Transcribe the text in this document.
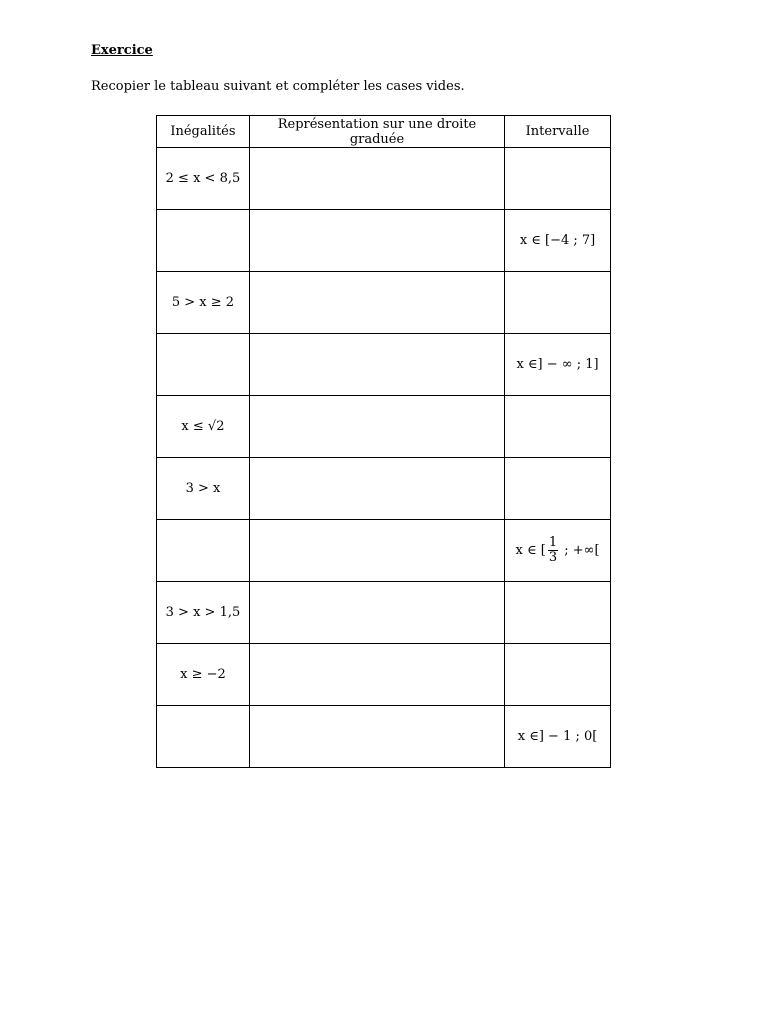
Exercice
Recopier le tableau suivant et compléter les cases vides.
Inégalités	Représentation sur une droite graduée	Intervalle
2 ≤ x < 8,5		
		x ∈ [−4 ; 7]
5 > x ≥ 2		
		x ∈] − ∞ ; 1]
x ≤ √2		
3 > x		
		x ∈ [ $\frac{1}{3}$ ; +∞[
3 > x > 1,5		
x ≥ −2		
		x ∈] − 1 ; 0[
